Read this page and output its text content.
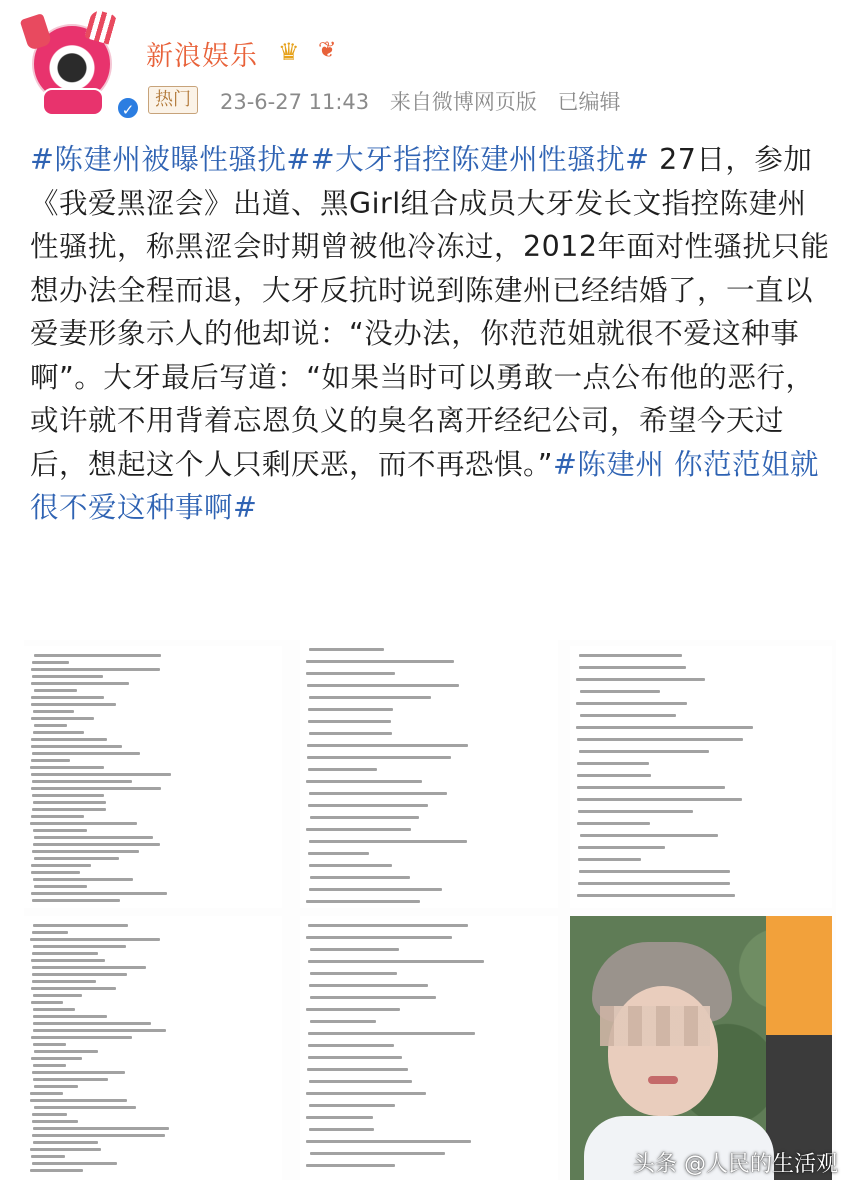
✓
新浪娱乐 ♛ ❦
热门	23-6-27 11:43 来自微博网页版 已编辑

#陈建州被曝性骚扰##大牙指控陈建州性骚扰# 27日，参加《我爱黑涩会》出道、黑Girl组合成员大牙发长文指控陈建州性骚扰，称黑涩会时期曾被他冷冻过，2012年面对性骚扰只能想办法全程而退，大牙反抗时说到陈建州已经结婚了，一直以爱妻形象示人的他却说：“没办法，你范范姐就很不爱这种事啊”。大牙最后写道：“如果当时可以勇敢一点公布他的恶行，或许就不用背着忘恩负义的臭名离开经纪公司，希望今天过后，想起这个人只剩厌恶，而不再恐惧。”#陈建州 你范范姐就很不爱这种事啊#

头条 @人民的生活观
